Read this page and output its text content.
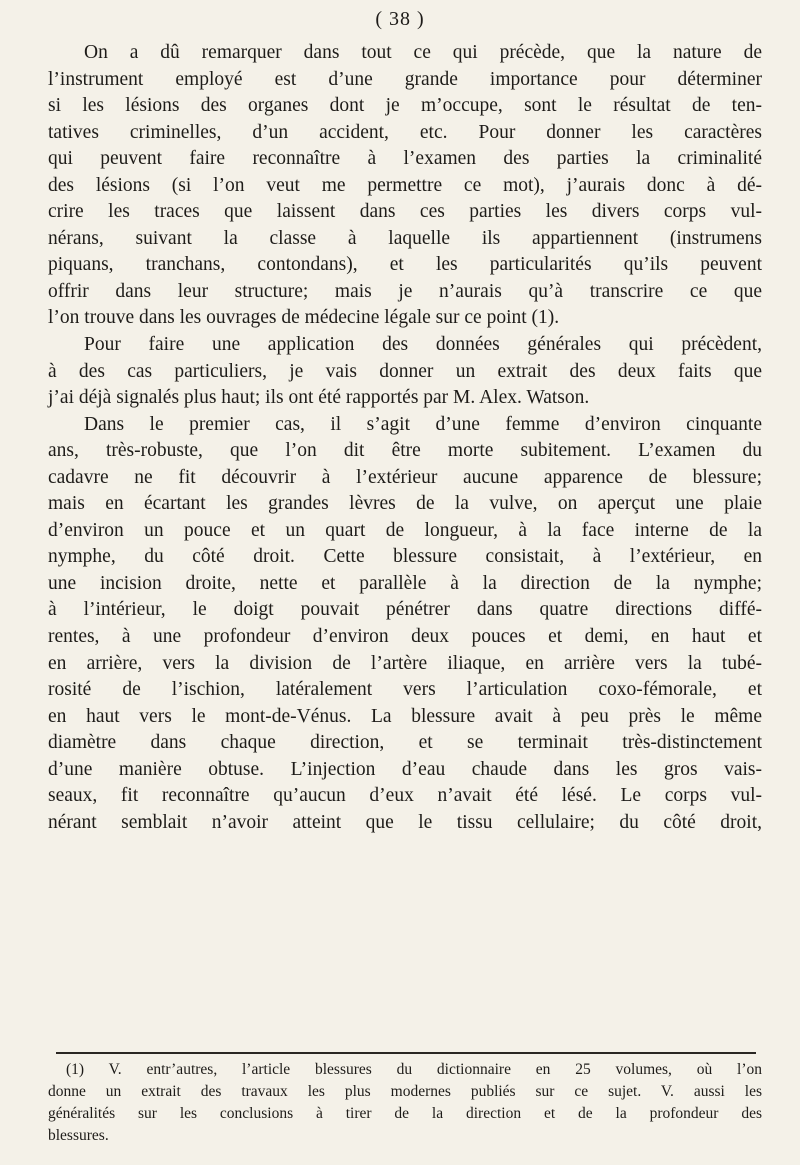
( 38 )
On a dû remarquer dans tout ce qui précède, que la nature de
l’instrument employé est d’une grande importance pour déterminer
si les lésions des organes dont je m’occupe, sont le résultat de ten-
tatives criminelles, d’un accident, etc. Pour donner les caractères
qui peuvent faire reconnaître à l’examen des parties la criminalité
des lésions (si l’on veut me permettre ce mot), j’aurais donc à dé-
crire les traces que laissent dans ces parties les divers corps vul-
nérans, suivant la classe à laquelle ils appartiennent (instrumens
piquans, tranchans, contondans), et les particularités qu’ils peuvent
offrir dans leur structure; mais je n’aurais qu’à transcrire ce que
l’on trouve dans les ouvrages de médecine légale sur ce point (1).
Pour faire une application des données générales qui précèdent,
à des cas particuliers, je vais donner un extrait des deux faits que
j’ai déjà signalés plus haut; ils ont été rapportés par M. Alex. Watson.
Dans le premier cas, il s’agit d’une femme d’environ cinquante
ans, très-robuste, que l’on dit être morte subitement. L’examen du
cadavre ne fit découvrir à l’extérieur aucune apparence de blessure;
mais en écartant les grandes lèvres de la vulve, on aperçut une plaie
d’environ un pouce et un quart de longueur, à la face interne de la
nymphe, du côté droit. Cette blessure consistait, à l’extérieur, en
une incision droite, nette et parallèle à la direction de la nymphe;
à l’intérieur, le doigt pouvait pénétrer dans quatre directions diffé-
rentes, à une profondeur d’environ deux pouces et demi, en haut et
en arrière, vers la division de l’artère iliaque, en arrière vers la tubé-
rosité de l’ischion, latéralement vers l’articulation coxo-fémorale, et
en haut vers le mont-de-Vénus. La blessure avait à peu près le même
diamètre dans chaque direction, et se terminait très-distinctement
d’une manière obtuse. L’injection d’eau chaude dans les gros vais-
seaux, fit reconnaître qu’aucun d’eux n’avait été lésé. Le corps vul-
nérant semblait n’avoir atteint que le tissu cellulaire; du côté droit,
(1) V. entr’autres, l’article blessures du dictionnaire en 25 volumes, où l’on
donne un extrait des travaux les plus modernes publiés sur ce sujet. V. aussi les
généralités sur les conclusions à tirer de la direction et de la profondeur des
blessures.
